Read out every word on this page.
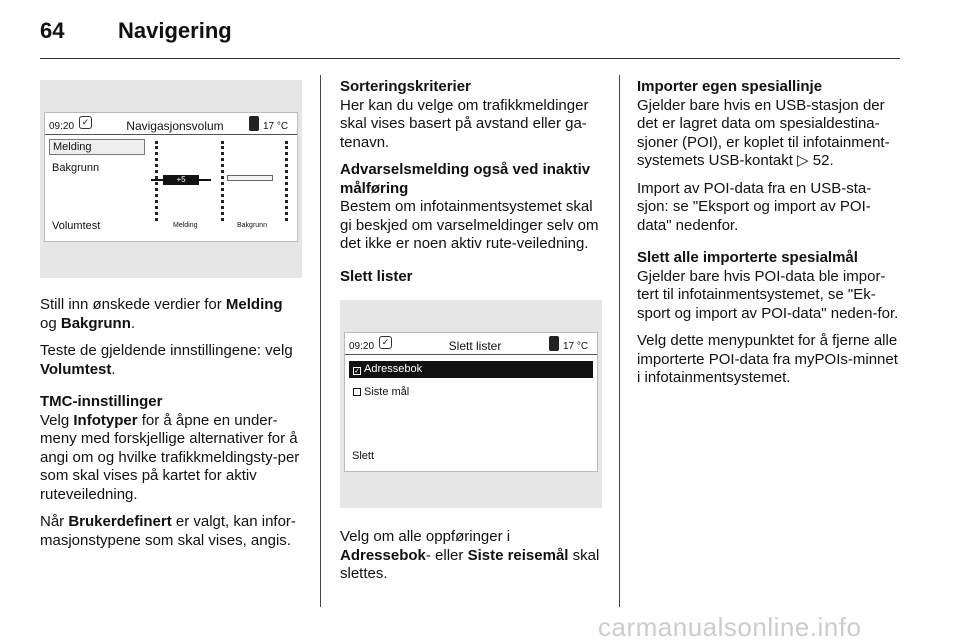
64 Navigering
09:20 ✓	Navigasjonsvolum	17 °C
Melding
Bakgrunn
Volumtest
+5
Melding	Bakgrunn

Still inn ønskede verdier for Melding og Bakgrunn.

Teste de gjeldende innstillingene: velg Volumtest.

TMC-innstillinger
Velg Infotyper for å åpne en under-meny med forskjellige alternativer for å angi om og hvilke trafikkmeldingsty-per som skal vises på kartet for aktiv ruteveiledning.

Når Brukerdefinert er valgt, kan infor-masjonstypene som skal vises, angis.

Sorteringskriterier
Her kan du velge om trafikkmeldinger skal vises basert på avstand eller ga-tenavn.

Advarselsmelding også ved inaktiv målføring
Bestem om infotainmentsystemet skal gi beskjed om varselmeldinger selv om det ikke er noen aktiv rute-veiledning.

Slett lister

09:20 ✓	Slett lister	17 °C
✓ Adressebok
Siste mål
Slett

Velg om alle oppføringer i Adressebok- eller Siste reisemål skal slettes.

Importer egen spesiallinje
Gjelder bare hvis en USB-stasjon der det er lagret data om spesialdestina-sjoner (POI), er koplet til infotainment-systemets USB-kontakt ▷ 52.

Import av POI-data fra en USB-sta-sjon: se "Eksport og import av POI-data" nedenfor.

Slett alle importerte spesialmål
Gjelder bare hvis POI-data ble impor-tert til infotainmentsystemet, se "Ek-sport og import av POI-data" neden-for.

Velg dette menypunktet for å fjerne alle importerte POI-data fra myPOIs-minnet i infotainmentsystemet.

carmanualsonline.info
